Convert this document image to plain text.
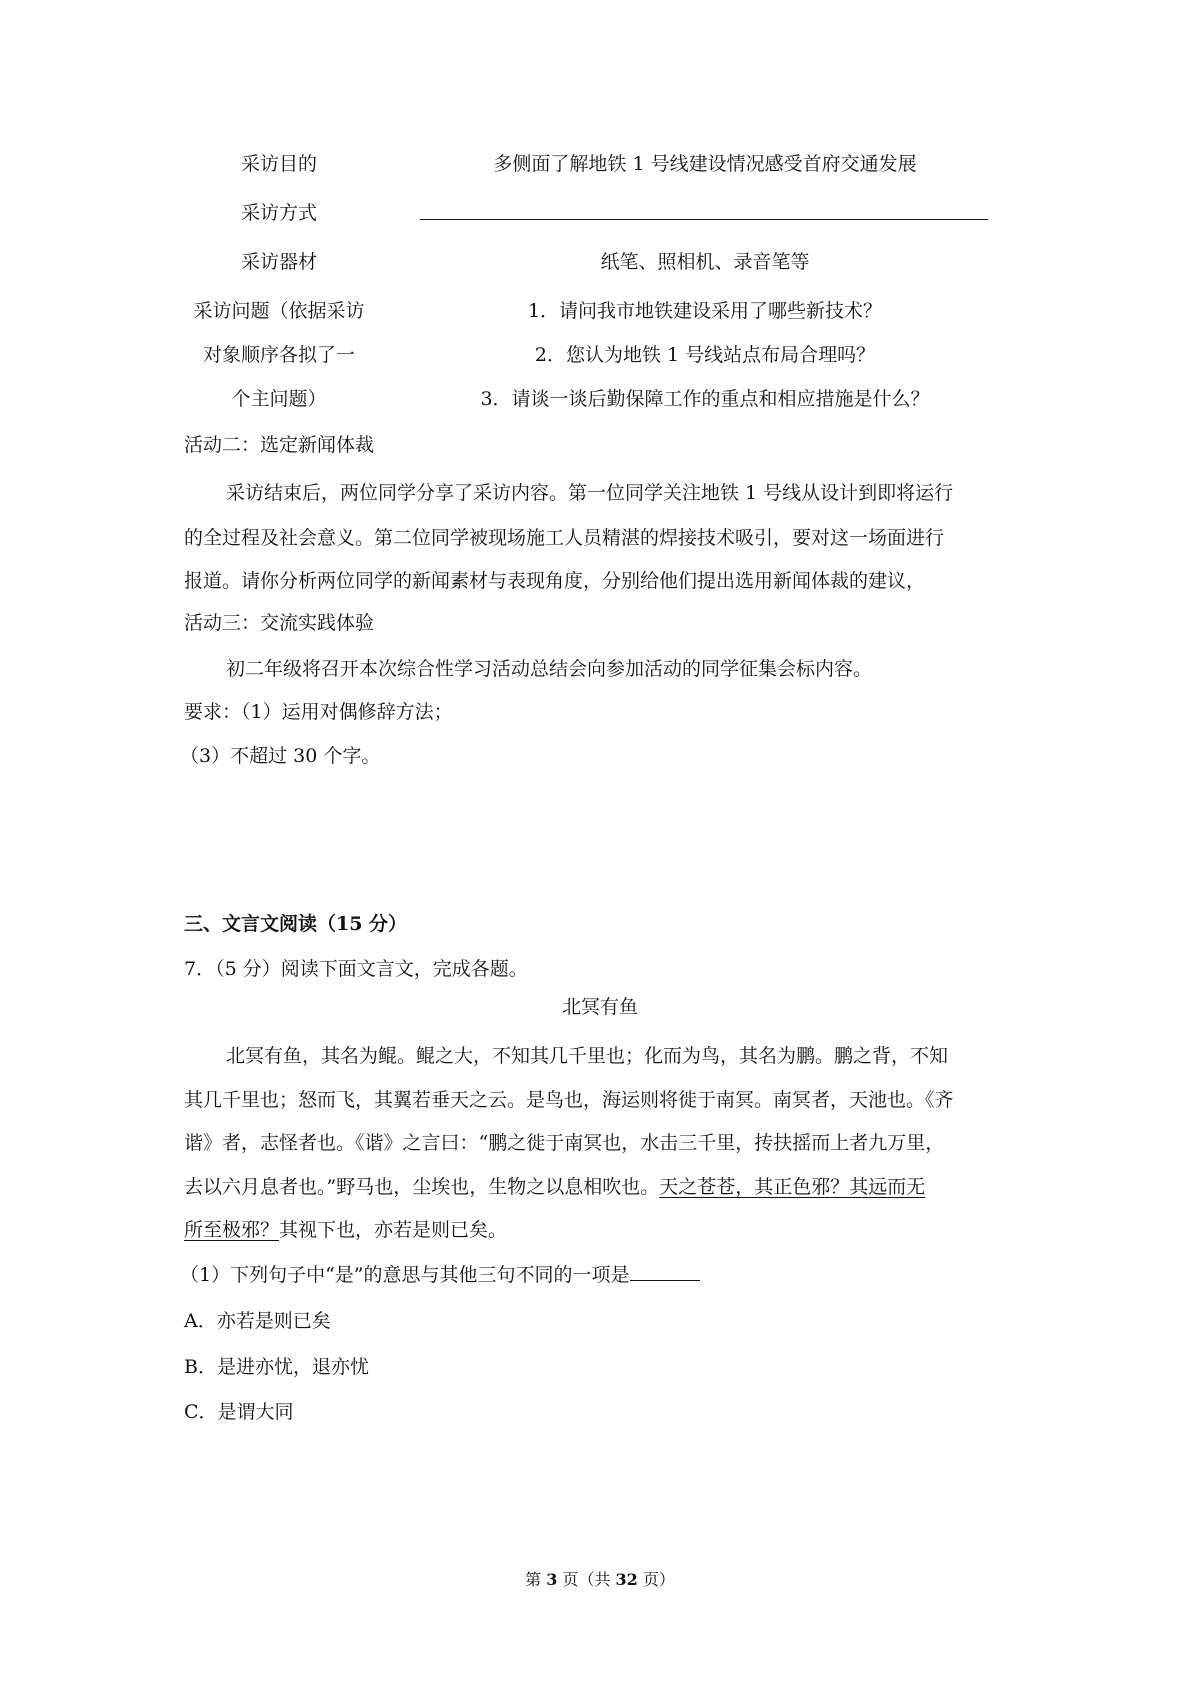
采访目的	多侧面了解地铁 1 号线建设情况感受首府交通发展
采访方式
采访器材	纸笔、照相机、录音笔等
采访问题（依据采访
对象顺序各拟了一
个主问题）
1．请问我市地铁建设采用了哪些新技术？
2．您认为地铁 1 号线站点布局合理吗？
3．请谈一谈后勤保障工作的重点和相应措施是什么？
活动二：选定新闻体裁
采访结束后，两位同学分享了采访内容。第一位同学关注地铁 1 号线从设计到即将运行
的全过程及社会意义。第二位同学被现场施工人员精湛的焊接技术吸引，要对这一场面进行
报道。请你分析两位同学的新闻素材与表现角度，分别给他们提出选用新闻体裁的建议，
活动三：交流实践体验
初二年级将召开本次综合性学习活动总结会向参加活动的同学征集会标内容。
要求：（1）运用对偶修辞方法；
（3）不超过 30 个字。
三、文言文阅读（15 分）
7．（5 分）阅读下面文言文，完成各题。
北冥有鱼
北冥有鱼，其名为鲲。鲲之大，不知其几千里也；化而为鸟，其名为鹏。鹏之背，不知
其几千里也；怒而飞，其翼若垂天之云。是鸟也，海运则将徙于南冥。南冥者，天池也。《齐
谐》者，志怪者也。《谐》之言曰：“鹏之徙于南冥也，水击三千里，抟扶摇而上者九万里，
去以六月息者也。”野马也，尘埃也，生物之以息相吹也。天之苍苍，其正色邪？其远而无
所至极邪？其视下也，亦若是则已矣。
（1）下列句子中“是”的意思与其他三句不同的一项是
A．亦若是则已矣
B．是进亦忧，退亦忧
C．是谓大同
第 3 页（共 32 页）
